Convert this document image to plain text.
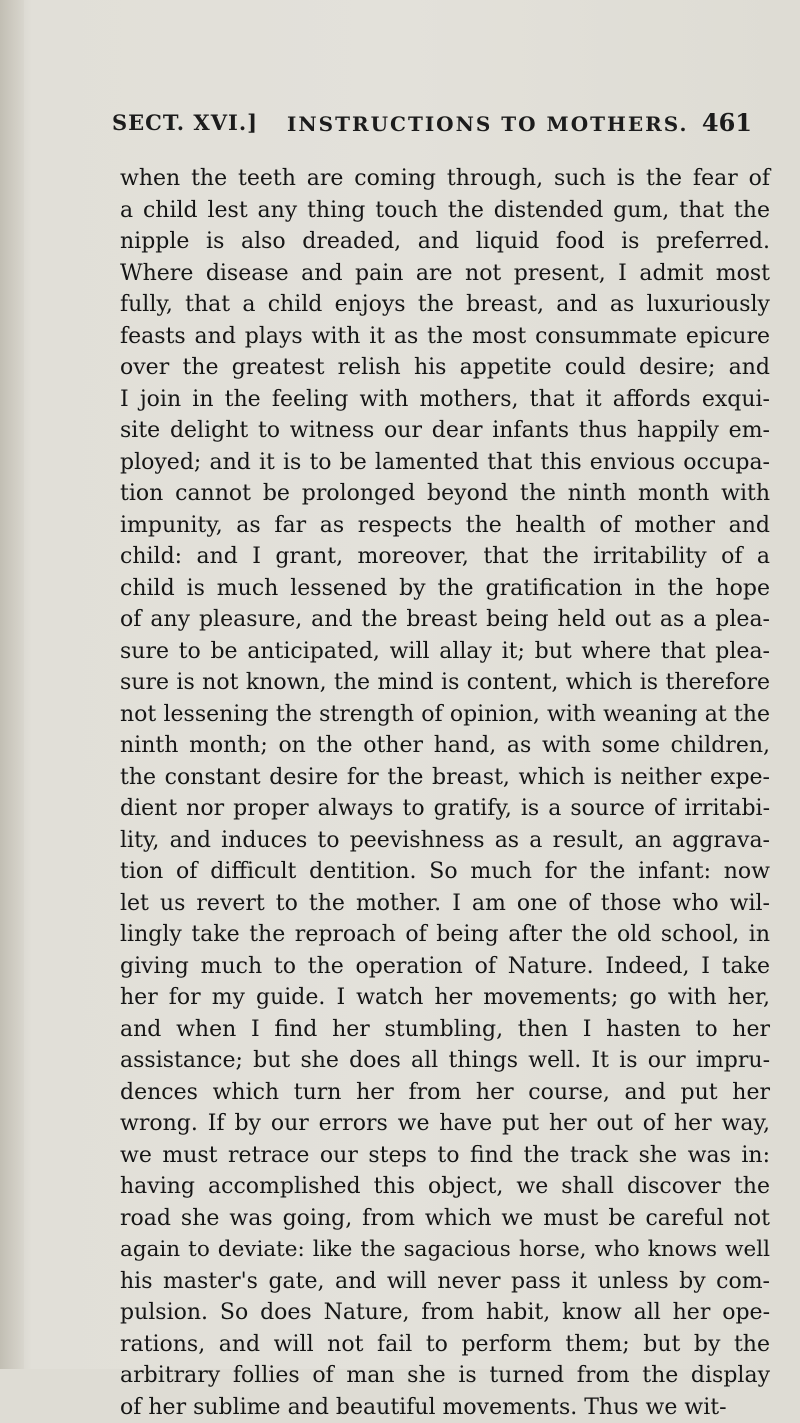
SECT. XVI.] INSTRUCTIONS TO MOTHERS. 461
when the teeth are coming through, such is the fear of
a child lest any thing touch the distended gum, that the
nipple is also dreaded, and liquid food is preferred.
Where disease and pain are not present, I admit most
fully, that a child enjoys the breast, and as luxuriously
feasts and plays with it as the most consummate epicure
over the greatest relish his appetite could desire; and
I join in the feeling with mothers, that it affords exqui-
site delight to witness our dear infants thus happily em-
ployed; and it is to be lamented that this envious occupa-
tion cannot be prolonged beyond the ninth month with
impunity, as far as respects the health of mother and
child: and I grant, moreover, that the irritability of a
child is much lessened by the gratification in the hope
of any pleasure, and the breast being held out as a plea-
sure to be anticipated, will allay it; but where that plea-
sure is not known, the mind is content, which is therefore
not lessening the strength of opinion, with weaning at the
ninth month; on the other hand, as with some children,
the constant desire for the breast, which is neither expe-
dient nor proper always to gratify, is a source of irritabi-
lity, and induces to peevishness as a result, an aggrava-
tion of difficult dentition. So much for the infant: now
let us revert to the mother. I am one of those who wil-
lingly take the reproach of being after the old school, in
giving much to the operation of Nature. Indeed, I take
her for my guide. I watch her movements; go with her,
and when I find her stumbling, then I hasten to her
assistance; but she does all things well. It is our impru-
dences which turn her from her course, and put her
wrong. If by our errors we have put her out of her way,
we must retrace our steps to find the track she was in:
having accomplished this object, we shall discover the
road she was going, from which we must be careful not
again to deviate: like the sagacious horse, who knows well
his master's gate, and will never pass it unless by com-
pulsion. So does Nature, from habit, know all her ope-
rations, and will not fail to perform them; but by the
arbitrary follies of man she is turned from the display
of her sublime and beautiful movements. Thus we wit-
